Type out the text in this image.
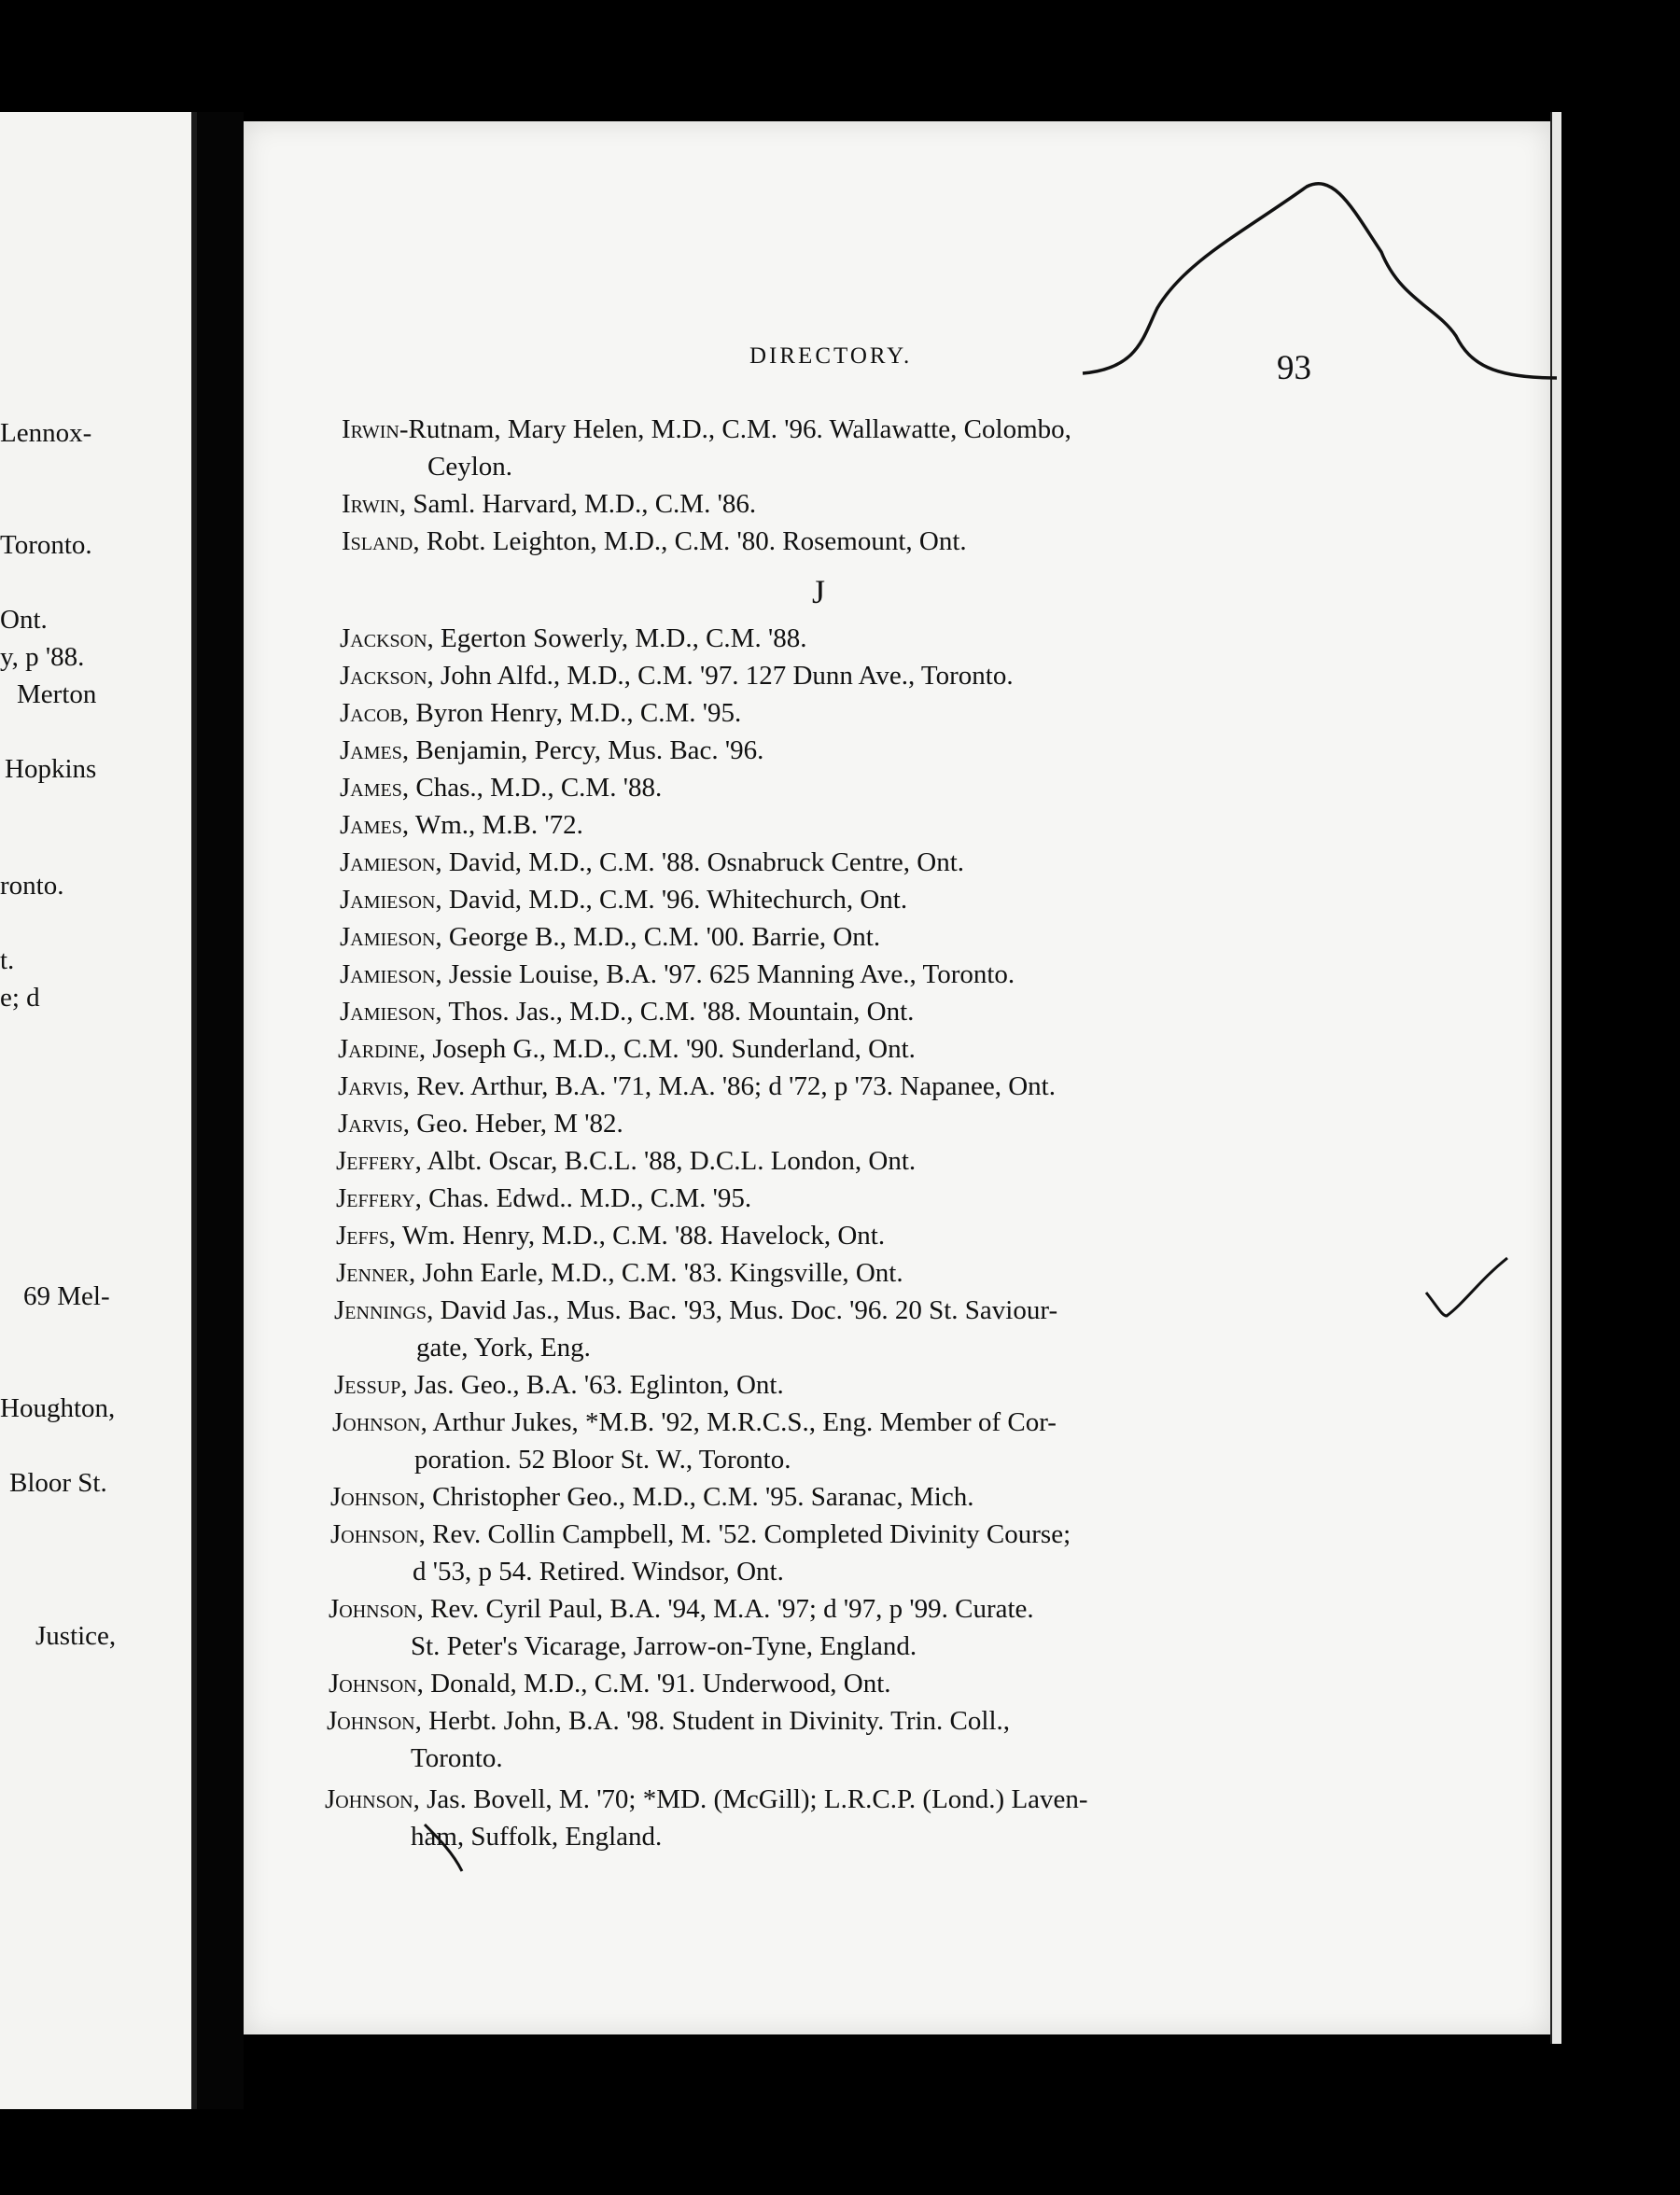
Lennox-
Toronto.
Ont.
y, p '88.
Merton
Hopkins
ronto.
t.
e; d
69 Mel-
Houghton,
Bloor St.
Justice,
DIRECTORY.	93
J
Irwin-Rutnam, Mary Helen, M.D., C.M. '96. Wallawatte, Colombo,
Ceylon.
Irwin, Saml. Harvard, M.D., C.M. '86.
Island, Robt. Leighton, M.D., C.M. '80. Rosemount, Ont.
Jackson, Egerton Sowerly, M.D., C.M. '88.
Jackson, John Alfd., M.D., C.M. '97. 127 Dunn Ave., Toronto.
Jacob, Byron Henry, M.D., C.M. '95.
James, Benjamin, Percy, Mus. Bac. '96.
James, Chas., M.D., C.M. '88.
James, Wm., M.B. '72.
Jamieson, David, M.D., C.M. '88. Osnabruck Centre, Ont.
Jamieson, David, M.D., C.M. '96. Whitechurch, Ont.
Jamieson, George B., M.D., C.M. '00. Barrie, Ont.
Jamieson, Jessie Louise, B.A. '97. 625 Manning Ave., Toronto.
Jamieson, Thos. Jas., M.D., C.M. '88. Mountain, Ont.
Jardine, Joseph G., M.D., C.M. '90. Sunderland, Ont.
Jarvis, Rev. Arthur, B.A. '71, M.A. '86; d '72, p '73. Napanee, Ont.
Jarvis, Geo. Heber, M '82.
Jeffery, Albt. Oscar, B.C.L. '88, D.C.L. London, Ont.
Jeffery, Chas. Edwd.. M.D., C.M. '95.
Jeffs, Wm. Henry, M.D., C.M. '88. Havelock, Ont.
Jenner, John Earle, M.D., C.M. '83. Kingsville, Ont.
Jennings, David Jas., Mus. Bac. '93, Mus. Doc. '96. 20 St. Saviour-
gate, York, Eng.
Jessup, Jas. Geo., B.A. '63. Eglinton, Ont.
Johnson, Arthur Jukes, *M.B. '92, M.R.C.S., Eng. Member of Cor-
poration. 52 Bloor St. W., Toronto.
Johnson, Christopher Geo., M.D., C.M. '95. Saranac, Mich.
Johnson, Rev. Collin Campbell, M. '52. Completed Divinity Course;
d '53, p 54. Retired. Windsor, Ont.
Johnson, Rev. Cyril Paul, B.A. '94, M.A. '97; d '97, p '99. Curate.
St. Peter's Vicarage, Jarrow-on-Tyne, England.
Johnson, Donald, M.D., C.M. '91. Underwood, Ont.
Johnson, Herbt. John, B.A. '98. Student in Divinity. Trin. Coll.,
Toronto.
Johnson, Jas. Bovell, M. '70; *MD. (McGill); L.R.C.P. (Lond.) Laven-
ham, Suffolk, England.
